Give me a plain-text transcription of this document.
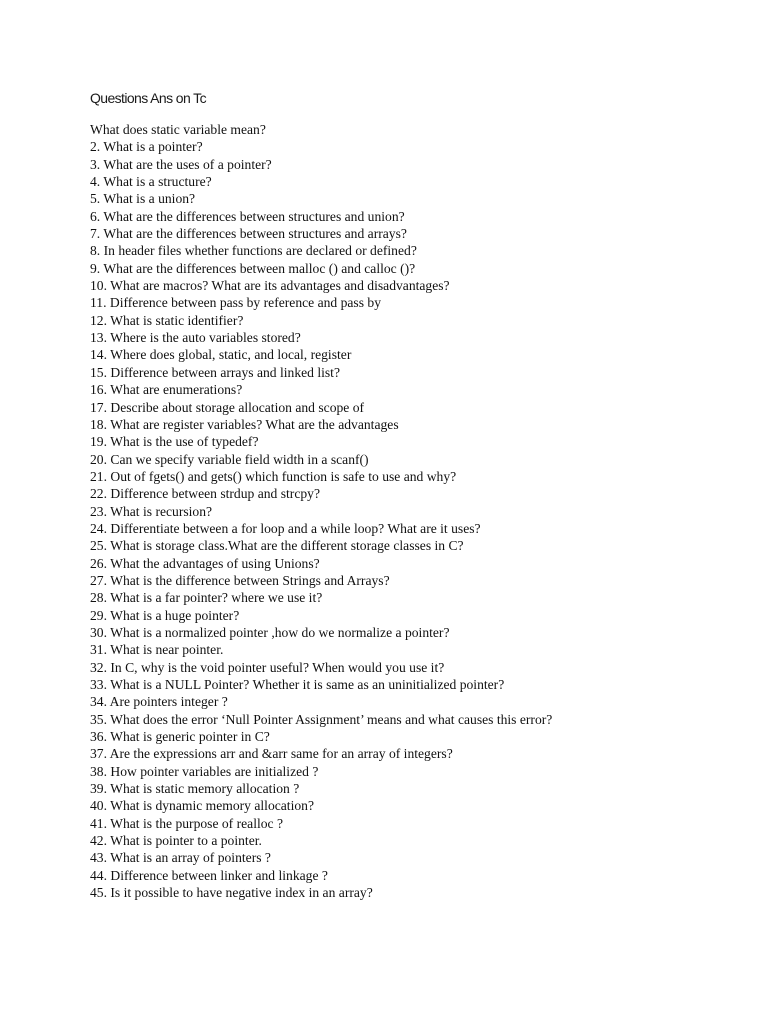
Questions Ans on Tc
What does static variable mean?
2. What is a pointer?
3. What are the uses of a pointer?
4. What is a structure?
5. What is a union?
6. What are the differences between structures and union?
7. What are the differences between structures and arrays?
8. In header files whether functions are declared or defined?
9. What are the differences between malloc () and calloc ()?
10. What are macros? What are its advantages and disadvantages?
11. Difference between pass by reference and pass by
12. What is static identifier?
13. Where is the auto variables stored?
14. Where does global, static, and local, register
15. Difference between arrays and linked list?
16. What are enumerations?
17. Describe about storage allocation and scope of
18. What are register variables? What are the advantages
19. What is the use of typedef?
20. Can we specify variable field width in a scanf()
21. Out of fgets() and gets() which function is safe to use and why?
22. Difference between strdup and strcpy?
23. What is recursion?
24. Differentiate between a for loop and a while loop? What are it uses?
25. What is storage class.What are the different storage classes in C?
26. What the advantages of using Unions?
27. What is the difference between Strings and Arrays?
28. What is a far pointer? where we use it?
29. What is a huge pointer?
30. What is a normalized pointer ,how do we normalize a pointer?
31. What is near pointer.
32. In C, why is the void pointer useful? When would you use it?
33. What is a NULL Pointer? Whether it is same as an uninitialized pointer?
34. Are pointers integer ?
35. What does the error ‘Null Pointer Assignment’ means and what causes this error?
36. What is generic pointer in C?
37. Are the expressions arr and &arr same for an array of integers?
38. How pointer variables are initialized ?
39. What is static memory allocation ?
40. What is dynamic memory allocation?
41. What is the purpose of realloc ?
42. What is pointer to a pointer.
43. What is an array of pointers ?
44. Difference between linker and linkage ?
45. Is it possible to have negative index in an array?
